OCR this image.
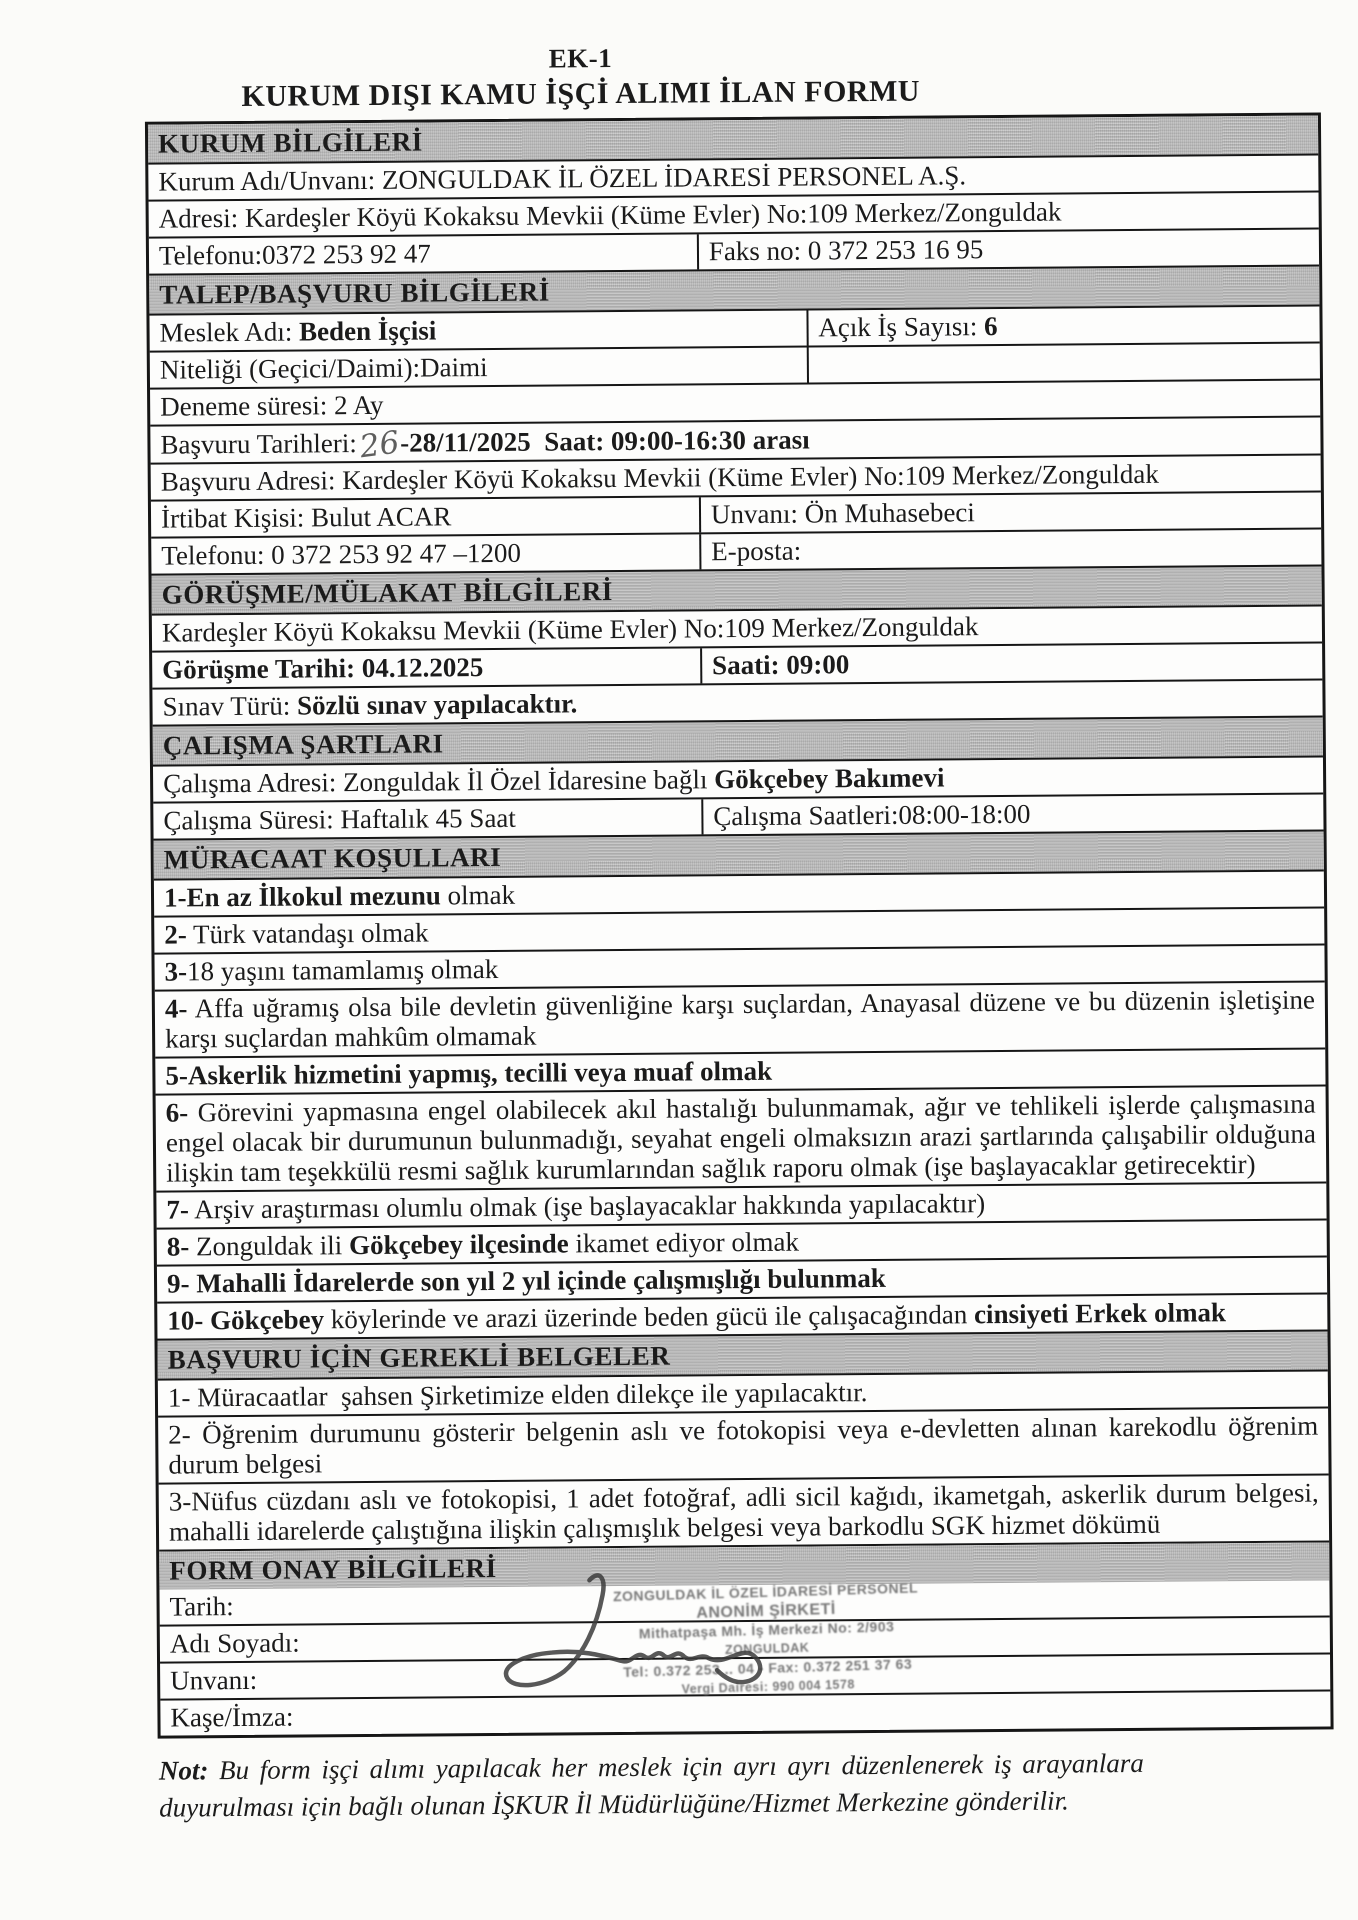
EK-1
KURUM DIŞI KAMU İŞÇİ ALIMI İLAN FORMU
KURUM BİLGİLERİ
Kurum Adı/Unvanı: ZONGULDAK İL ÖZEL İDARESİ PERSONEL A.Ş.
Adresi: Kardeşler Köyü Kokaksu Mevkii (Küme Evler) No:109 Merkez/Zonguldak
Telefonu:0372 253 92 47	Faks no: 0 372 253 16 95
TALEP/BAŞVURU BİLGİLERİ
Meslek Adı: Beden İşçisi	Açık İş Sayısı: 6
Niteliği (Geçici/Daimi):Daimi
Deneme süresi: 2 Ay
Başvuru Tarihleri:26-28/11/2025  Saat: 09:00-16:30 arası
Başvuru Adresi: Kardeşler Köyü Kokaksu Mevkii (Küme Evler) No:109 Merkez/Zonguldak
İrtibat Kişisi: Bulut ACAR	Unvanı: Ön Muhasebeci
Telefonu: 0 372 253 92 47 –1200	E-posta:
GÖRÜŞME/MÜLAKAT BİLGİLERİ
Kardeşler Köyü Kokaksu Mevkii (Küme Evler) No:109 Merkez/Zonguldak
Görüşme Tarihi: 04.12.2025	Saati: 09:00
Sınav Türü: Sözlü sınav yapılacaktır.
ÇALIŞMA ŞARTLARI
Çalışma Adresi: Zonguldak İl Özel İdaresine bağlı Gökçebey Bakımevi
Çalışma Süresi: Haftalık 45 Saat	Çalışma Saatleri:08:00-18:00
MÜRACAAT KOŞULLARI
1-En az İlkokul mezunu olmak
2- Türk vatandaşı olmak
3-18 yaşını tamamlamış olmak
4- Affa uğramış olsa bile devletin güvenliğine karşı suçlardan, Anayasal düzene ve bu düzenin işletişine karşı suçlardan mahkûm olmamak
5-Askerlik hizmetini yapmış, tecilli veya muaf olmak
6- Görevini yapmasına engel olabilecek akıl hastalığı bulunmamak, ağır ve tehlikeli işlerde çalışmasına engel olacak bir durumunun bulunmadığı, seyahat engeli olmaksızın arazi şartlarında çalışabilir olduğuna ilişkin tam teşekkülü resmi sağlık kurumlarından sağlık raporu olmak (işe başlayacaklar getirecektir)
7- Arşiv araştırması olumlu olmak (işe başlayacaklar hakkında yapılacaktır)
8- Zonguldak ili Gökçebey ilçesinde ikamet ediyor olmak
9- Mahalli İdarelerde son yıl 2 yıl içinde çalışmışlığı bulunmak
10- Gökçebey köylerinde ve arazi üzerinde beden gücü ile çalışacağından cinsiyeti Erkek olmak
BAŞVURU İÇİN GEREKLİ BELGELER
1- Müracaatlar  şahsen Şirketimize elden dilekçe ile yapılacaktır.
2- Öğrenim durumunu gösterir belgenin aslı ve fotokopisi veya e-devletten alınan karekodlu öğrenim durum belgesi
3-Nüfus cüzdanı aslı ve fotokopisi, 1 adet fotoğraf, adli sicil kağıdı, ikametgah, askerlik durum belgesi, mahalli idarelerde çalıştığına ilişkin çalışmışlık belgesi veya barkodlu SGK hizmet dökümü
FORM ONAY BİLGİLERİ
Tarih:
Adı Soyadı:
Unvanı:
Kaşe/İmza:
ZONGULDAK İL ÖZEL İDARESİ PERSONEL
ANONİM ŞİRKETİ
Mithatpaşa Mh. İş Merkezi No: 2/903
ZONGULDAK
Tel: 0.372 253 .. 04 - Fax: 0.372 251 37 63
Vergi Dairesi: 990 004 1578
Not: Bu form işçi alımı yapılacak her meslek için ayrı ayrı düzenlenerek iş arayanlara duyurulması için bağlı olunan İŞKUR İl Müdürlüğüne/Hizmet Merkezine gönderilir.
